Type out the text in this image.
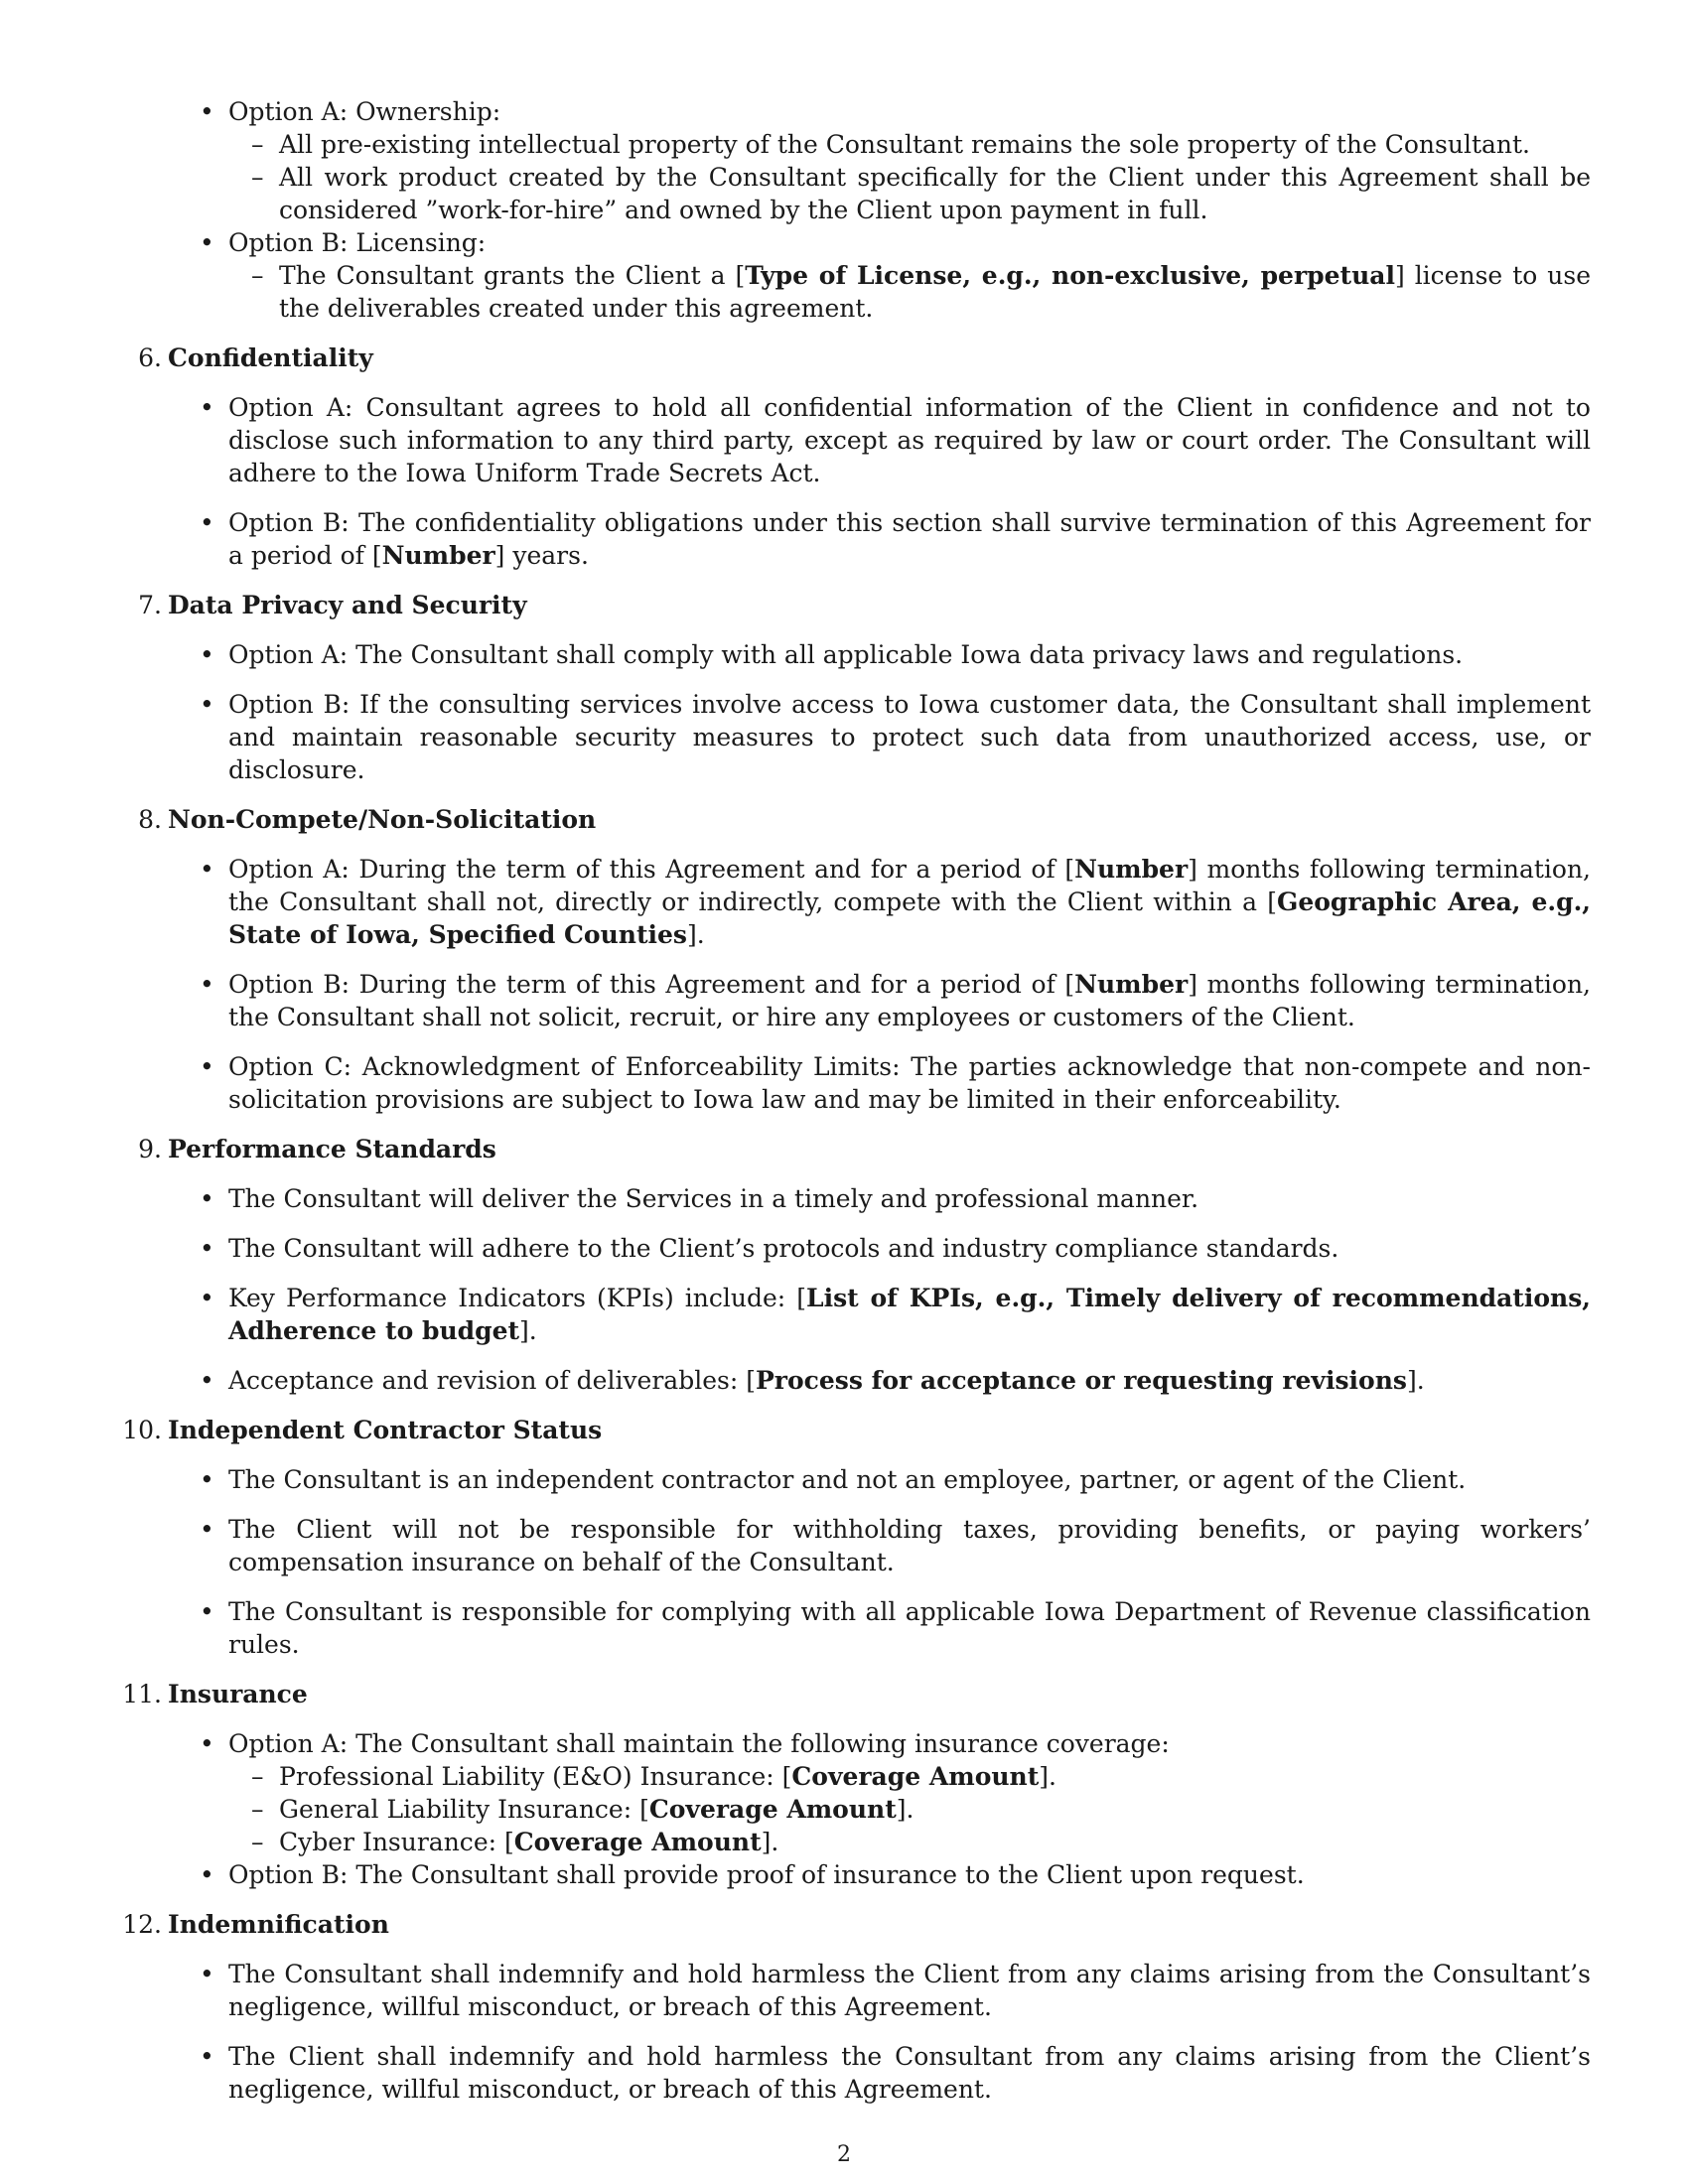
• Option A: Ownership:
– All pre-existing intellectual property of the Consultant remains the sole property of the Consultant.
– All work product created by the Consultant specifically for the Client under this Agreement shall be considered ”work-for-hire” and owned by the Client upon payment in full.
• Option B: Licensing:
– The Consultant grants the Client a [Type of License, e.g., non-exclusive, perpetual] license to use the deliverables created under this agreement.
6. Confidentiality
• Option A: Consultant agrees to hold all confidential information of the Client in confidence and not to disclose such information to any third party, except as required by law or court order. The Consultant will adhere to the Iowa Uniform Trade Secrets Act.
• Option B: The confidentiality obligations under this section shall survive termination of this Agreement for a period of [Number] years.
7. Data Privacy and Security
• Option A: The Consultant shall comply with all applicable Iowa data privacy laws and regulations.
• Option B: If the consulting services involve access to Iowa customer data, the Consultant shall implement and maintain reasonable security measures to protect such data from unauthorized access, use, or disclosure.
8. Non-Compete/Non-Solicitation
• Option A: During the term of this Agreement and for a period of [Number] months following termination, the Consultant shall not, directly or indirectly, compete with the Client within a [Geographic Area, e.g., State of Iowa, Specified Counties].
• Option B: During the term of this Agreement and for a period of [Number] months following termination, the Consultant shall not solicit, recruit, or hire any employees or customers of the Client.
• Option C: Acknowledgment of Enforceability Limits: The parties acknowledge that non-compete and non-solicitation provisions are subject to Iowa law and may be limited in their enforceability.
9. Performance Standards
• The Consultant will deliver the Services in a timely and professional manner.
• The Consultant will adhere to the Client’s protocols and industry compliance standards.
• Key Performance Indicators (KPIs) include: [List of KPIs, e.g., Timely delivery of recommendations, Adherence to budget].
• Acceptance and revision of deliverables: [Process for acceptance or requesting revisions].
10. Independent Contractor Status
• The Consultant is an independent contractor and not an employee, partner, or agent of the Client.
• The Client will not be responsible for withholding taxes, providing benefits, or paying workers’ compensation insurance on behalf of the Consultant.
• The Consultant is responsible for complying with all applicable Iowa Department of Revenue classification rules.
11. Insurance
• Option A: The Consultant shall maintain the following insurance coverage:
– Professional Liability (E&O) Insurance: [Coverage Amount].
– General Liability Insurance: [Coverage Amount].
– Cyber Insurance: [Coverage Amount].
• Option B: The Consultant shall provide proof of insurance to the Client upon request.
12. Indemnification
• The Consultant shall indemnify and hold harmless the Client from any claims arising from the Consultant’s negligence, willful misconduct, or breach of this Agreement.
• The Client shall indemnify and hold harmless the Consultant from any claims arising from the Client’s negligence, willful misconduct, or breach of this Agreement.
2
